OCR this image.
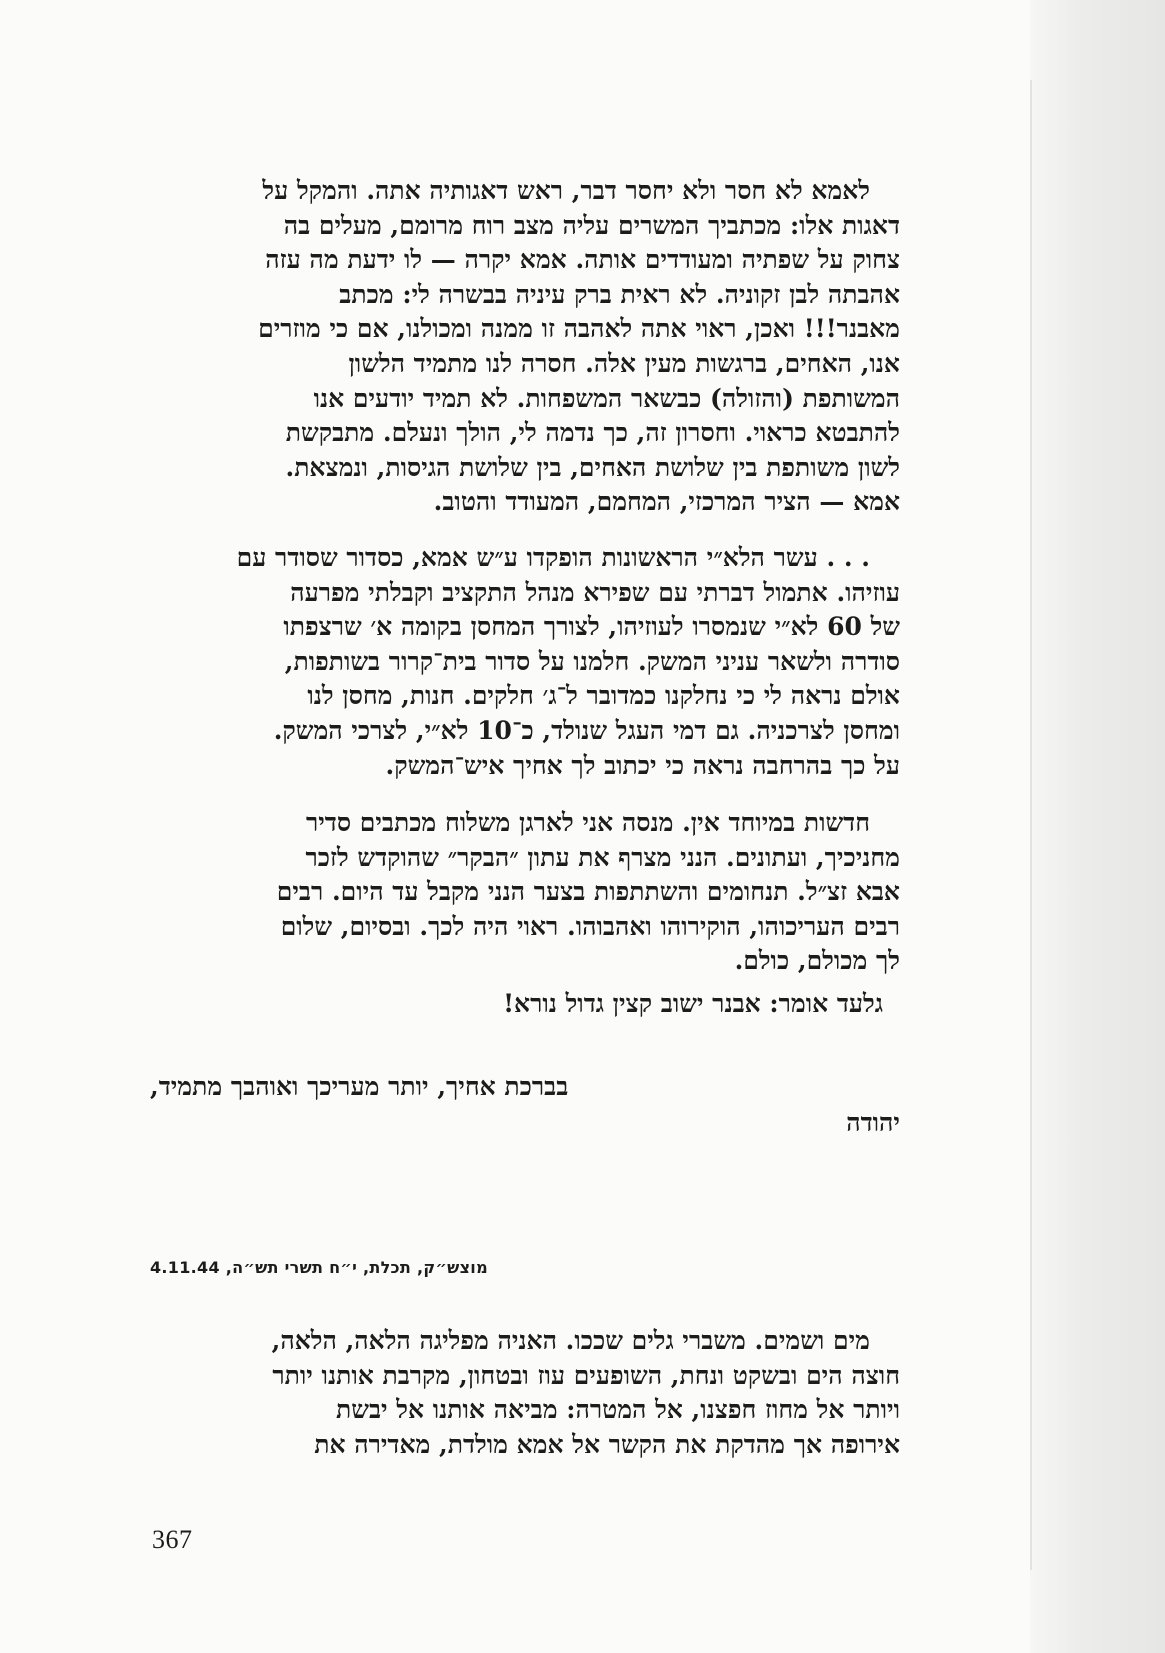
לאמא לא חסר ולא יחסר דבר, ראש דאגותיה אתה. והמקל על
דאגות אלו: מכתביך המשרים עליה מצב רוח מרומם, מעלים בה
צחוק על שפתיה ומעודדים אותה. אמא יקרה — לו ידעת מה עזה
אהבתה לבן זקוניה. לא ראית ברק עיניה בבשרה לי: מכתב
מאבנר!!! ואכן, ראוי אתה לאהבה זו ממנה ומכולנו, אם כי מוזרים
אנו, האחים, ברגשות מעין אלה. חסרה לנו מתמיד הלשון
המשותפת (והזולה) כבשאר המשפחות. לא תמיד יודעים אנו
להתבטא כראוי. וחסרון זה, כך נדמה לי, הולך ונעלם. מתבקשת
לשון משותפת בין שלושת האחים, בין שלושת הגיסות, ונמצאת.
אמא — הציר המרכזי, המחמם, המעודד והטוב.
. . . עשר הלא״י הראשונות הופקדו ע״ש אמא, כסדור שסודר עם
עוזיהו. אתמול דברתי עם שפירא מנהל התקציב וקבלתי מפרעה
של 60 לא״י שנמסרו לעוזיהו, לצורך המחסן בקומה א׳ שרצפתו
סודרה ולשאר עניני המשק. חלמנו על סדור בית־קרור בשותפות,
אולם נראה לי כי נחלקנו כמדובר ל־ג׳ חלקים. חנות, מחסן לנו
ומחסן לצרכניה. גם דמי העגל שנולד, כ־10 לא״י, לצרכי המשק.
על כך בהרחבה נראה כי יכתוב לך אחיך איש־המשק.
חדשות במיוחד אין. מנסה אני לארגן משלוח מכתבים סדיר
מחניכיך, ועתונים. הנני מצרף את עתון ״הבקר״ שהוקדש לזכר
אבא זצ״ל. תנחומים והשתתפות בצער הנני מקבל עד היום. רבים
רבים העריכוהו, הוקירוהו ואהבוהו. ראוי היה לכך. ובסיום, שלום
לך מכולם, כולם.
גלעד אומר: אבנר ישוב קצין גדול נורא!
בברכת אחיך, יותר מעריכך ואוהבך מתמיד,
יהודה
מוצש״ק, תכלת, י״ח תשרי תש״ה, 4.11.44
מים ושמים. משברי גלים שככו. האניה מפליגה הלאה, הלאה,
חוצה הים ובשקט ונחת, השופעים עוז ובטחון, מקרבת אותנו יותר
ויותר אל מחוז חפצנו, אל המטרה: מביאה אותנו אל יבשת
אירופה אך מהדקת את הקשר אל אמא מולדת, מאדירה את
367
